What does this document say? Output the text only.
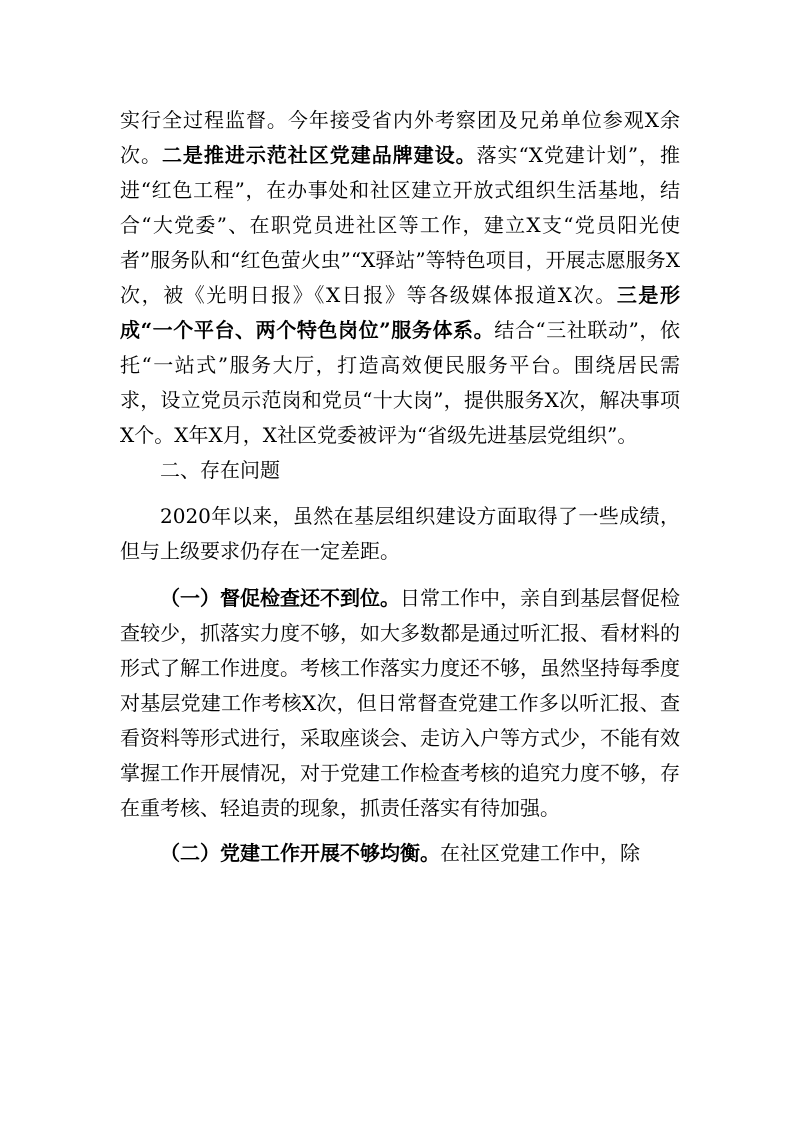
实行全过程监督。今年接受省内外考察团及兄弟单位参观X余次。二是推进示范社区党建品牌建设。落实“X党建计划”，推进“红色工程”，在办事处和社区建立开放式组织生活基地，结合“大党委”、在职党员进社区等工作，建立X支“党员阳光使者”服务队和“红色萤火虫”“X驿站”等特色项目，开展志愿服务X次，被《光明日报》《X日报》等各级媒体报道X次。三是形成“一个平台、两个特色岗位”服务体系。结合“三社联动”，依托“一站式”服务大厅，打造高效便民服务平台。围绕居民需求，设立党员示范岗和党员“十大岗”，提供服务X次，解决事项X个。X年X月，X社区党委被评为“省级先进基层党组织”。

二、存在问题

2020年以来，虽然在基层组织建设方面取得了一些成绩，但与上级要求仍存在一定差距。

（一）督促检查还不到位。日常工作中，亲自到基层督促检查较少，抓落实力度不够，如大多数都是通过听汇报、看材料的形式了解工作进度。考核工作落实力度还不够，虽然坚持每季度对基层党建工作考核X次，但日常督查党建工作多以听汇报、查看资料等形式进行，采取座谈会、走访入户等方式少，不能有效掌握工作开展情况，对于党建工作检查考核的追究力度不够，存在重考核、轻追责的现象，抓责任落实有待加强。

（二）党建工作开展不够均衡。在社区党建工作中，除
